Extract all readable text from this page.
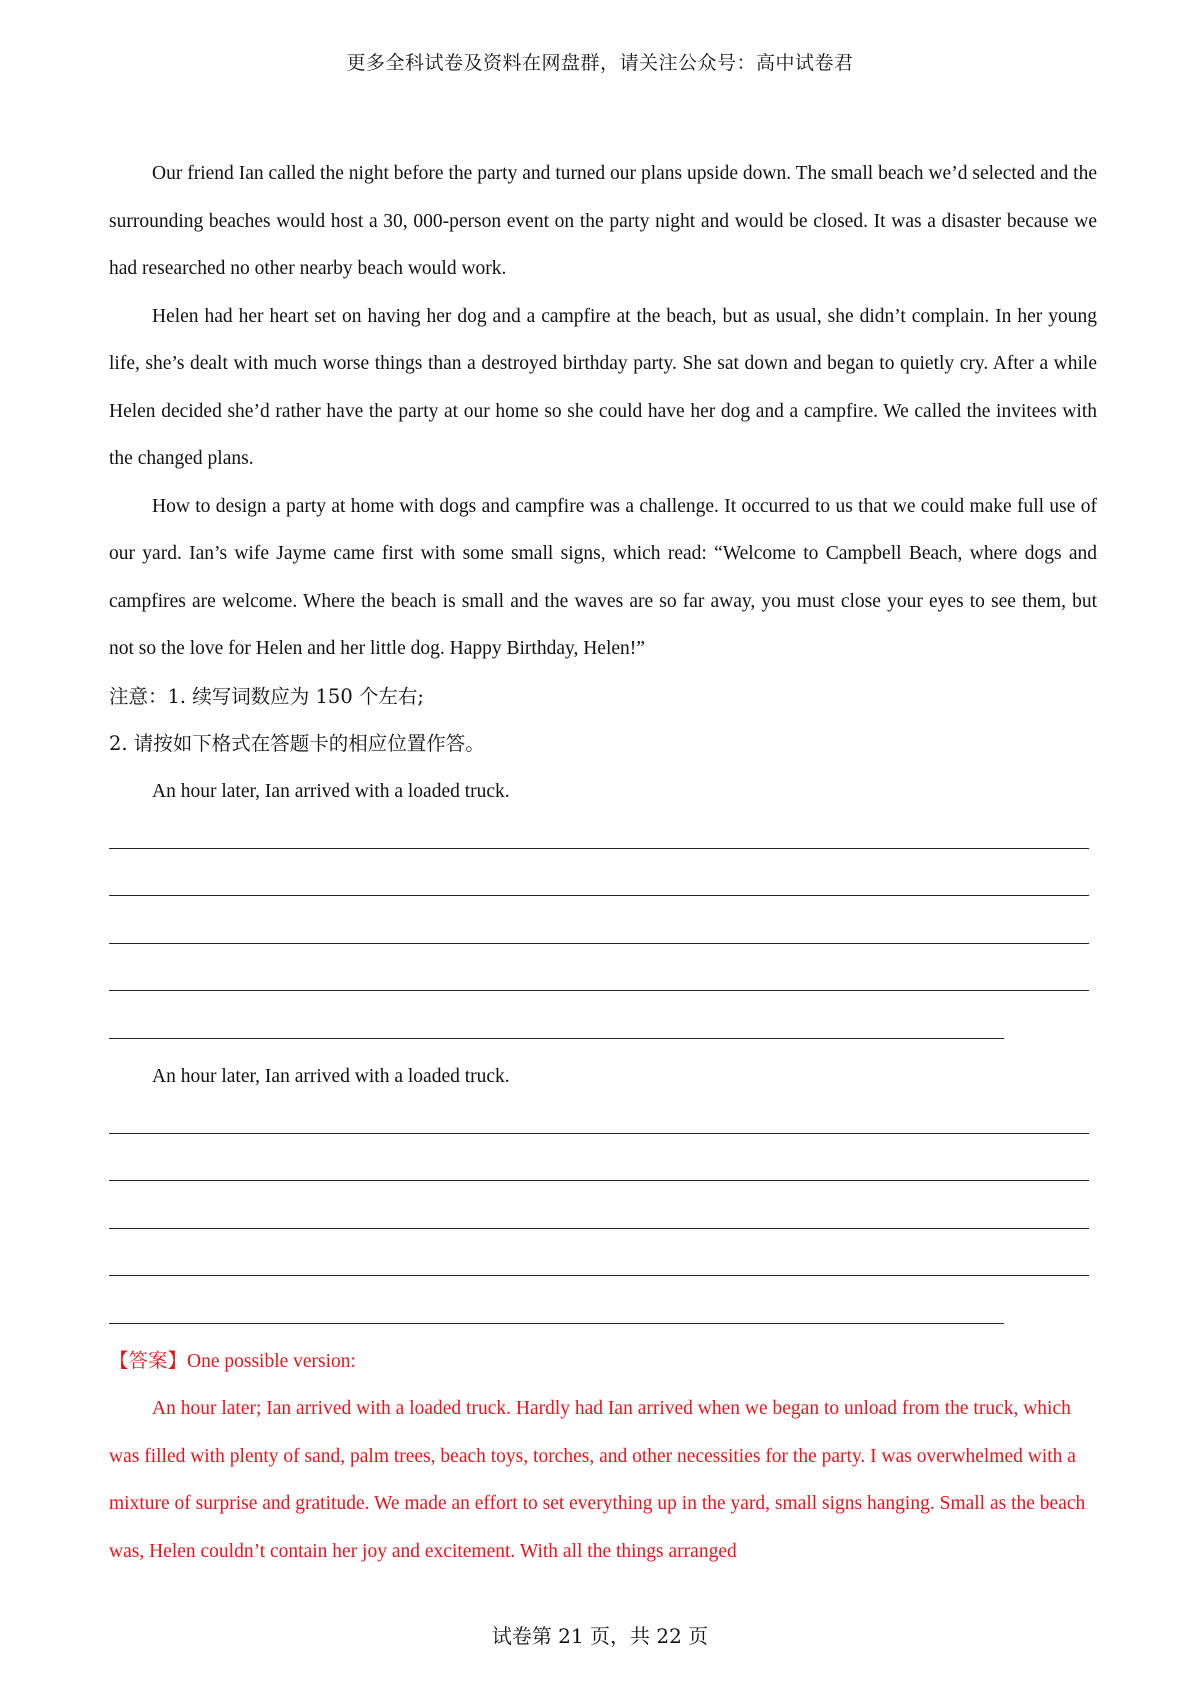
更多全科试卷及资料在网盘群，请关注公众号：高中试卷君

Our friend Ian called the night before the party and turned our plans upside down. The small beach we’d selected and the surrounding beaches would host a 30, 000-person event on the party night and would be closed. It was a disaster because we had researched no other nearby beach would work.

Helen had her heart set on having her dog and a campfire at the beach, but as usual, she didn’t complain. In her young life, she’s dealt with much worse things than a destroyed birthday party. She sat down and began to quietly cry. After a while Helen decided she’d rather have the party at our home so she could have her dog and a campfire. We called the invitees with the changed plans.

How to design a party at home with dogs and campfire was a challenge. It occurred to us that we could make full use of our yard. Ian’s wife Jayme came first with some small signs, which read: “Welcome to Campbell Beach, where dogs and campfires are welcome. Where the beach is small and the waves are so far away, you must close your eyes to see them, but not so the love for Helen and her little dog. Happy Birthday, Helen!”

注意：1. 续写词数应为 150 个左右;

2. 请按如下格式在答题卡的相应位置作答。

An hour later, Ian arrived with a loaded truck.

An hour later, Ian arrived with a loaded truck.

【答案】One possible version:

An hour later; Ian arrived with a loaded truck. Hardly had Ian arrived when we began to unload from the truck, which was filled with plenty of sand, palm trees, beach toys, torches, and other necessities for the party. I was overwhelmed with a mixture of surprise and gratitude. We made an effort to set everything up in the yard, small signs hanging. Small as the beach was, Helen couldn’t contain her joy and excitement. With all the things arranged

试卷第 21 页，共 22 页
